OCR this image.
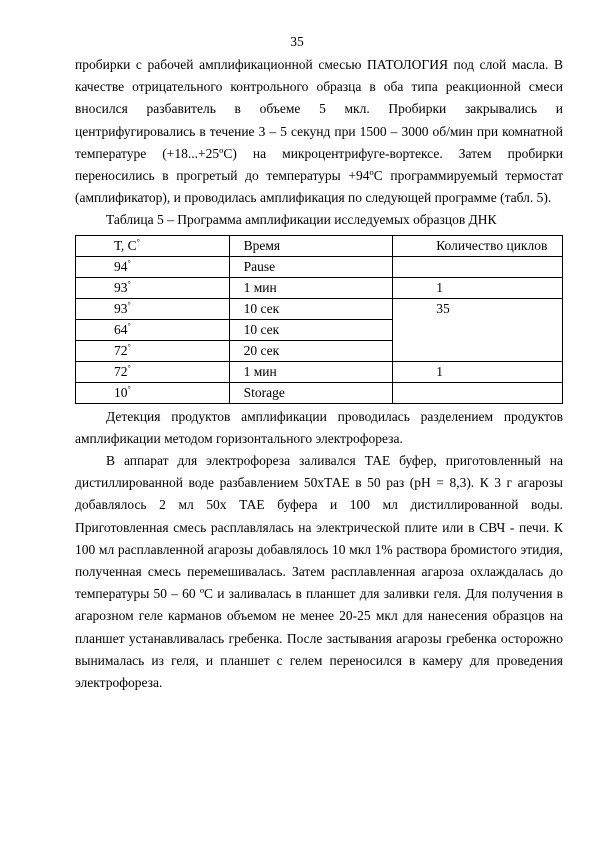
35

пробирки с рабочей амплификационной смесью ПАТОЛОГИЯ под слой масла. В качестве отрицательного контрольного образца в оба типа реакционной смеси вносился разбавитель в объеме 5 мкл. Пробирки закрывались и центрифугировались в течение 3 – 5 секунд при 1500 – 3000 об/мин при комнатной температуре (+18...+25ºС) на микроцентрифуге-вортексе. Затем пробирки переносились в прогретый до температуры +94ºС программируемый термостат (амплификатор), и проводилась амплификация по следующей программе (табл. 5).

Таблица 5 – Программа амплификации исследуемых образцов ДНК

Т, С°	Время	Количество циклов
94°	Pause	
93°	1 мин	1
93°	10 сек	35
64°	10 сек	
72°	20 сек	
72°	1 мин	1
10°	Storage	

Детекция продуктов амплификации проводилась разделением продуктов амплификации методом горизонтального электрофореза.

В аппарат для электрофореза заливался ТАЕ буфер, приготовленный на дистиллированной воде разбавлением 50хТАЕ в 50 раз (рН = 8,3). К 3 г агарозы добавлялось 2 мл 50х ТАЕ буфера и 100 мл дистиллированной воды. Приготовленная смесь расплавлялась на электрической плите или в СВЧ - печи. К 100 мл расплавленной агарозы добавлялось 10 мкл 1% раствора бромистого этидия, полученная смесь перемешивалась. Затем расплавленная агароза охлаждалась до температуры 50 – 60 ºС и заливалась в планшет для заливки геля. Для получения в агарозном геле карманов объемом не менее 20-25 мкл для нанесения образцов на планшет устанавливалась гребенка. После застывания агарозы гребенка осторожно вынималась из геля, и планшет с гелем переносился в камеру для проведения электрофореза.
